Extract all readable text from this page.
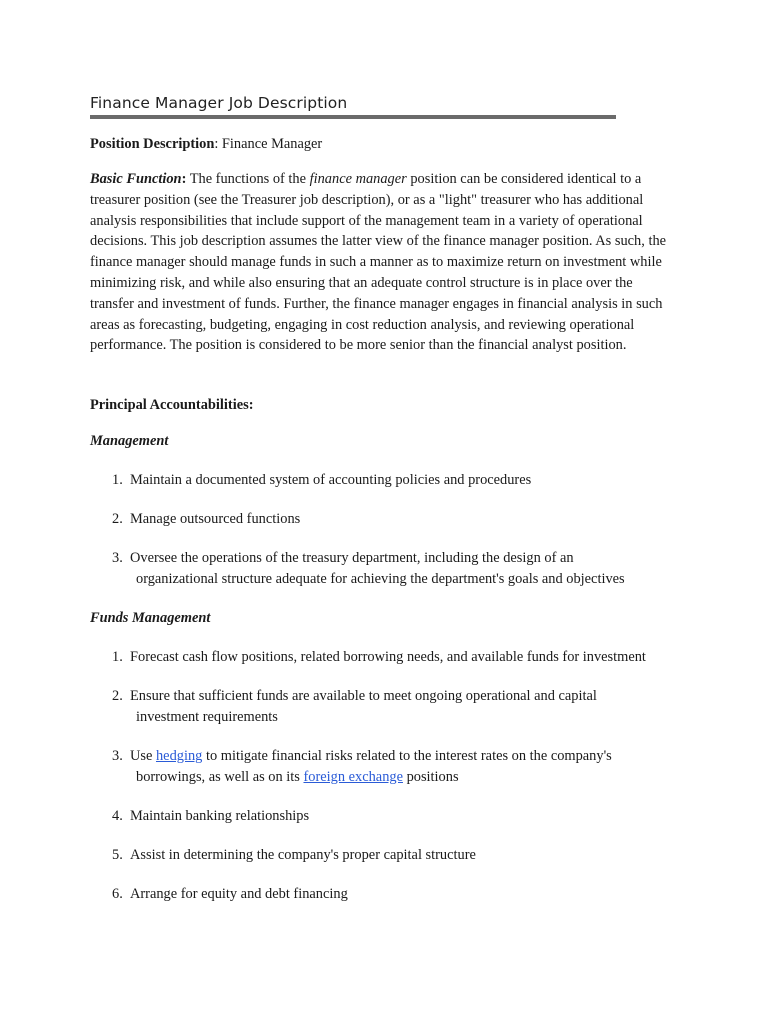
Finance Manager Job Description
Position Description: Finance Manager

Basic Function: The functions of the finance manager position can be considered identical to a treasurer position (see the Treasurer job description), or as a "light" treasurer who has additional analysis responsibilities that include support of the management team in a variety of operational decisions. This job description assumes the latter view of the finance manager position. As such, the finance manager should manage funds in such a manner as to maximize return on investment while minimizing risk, and while also ensuring that an adequate control structure is in place over the transfer and investment of funds. Further, the finance manager engages in financial analysis in such areas as forecasting, budgeting, engaging in cost reduction analysis, and reviewing operational performance. The position is considered to be more senior than the financial analyst position.

Principal Accountabilities:
Management
1. Maintain a documented system of accounting policies and procedures
2. Manage outsourced functions
3. Oversee the operations of the treasury department, including the design of an
organizational structure adequate for achieving the department's goals and objectives
Funds Management
1. Forecast cash flow positions, related borrowing needs, and available funds for investment
2. Ensure that sufficient funds are available to meet ongoing operational and capital
investment requirements
3. Use hedging to mitigate financial risks related to the interest rates on the company's
borrowings, as well as on its foreign exchange positions
4. Maintain banking relationships
5. Assist in determining the company's proper capital structure
6. Arrange for equity and debt financing
